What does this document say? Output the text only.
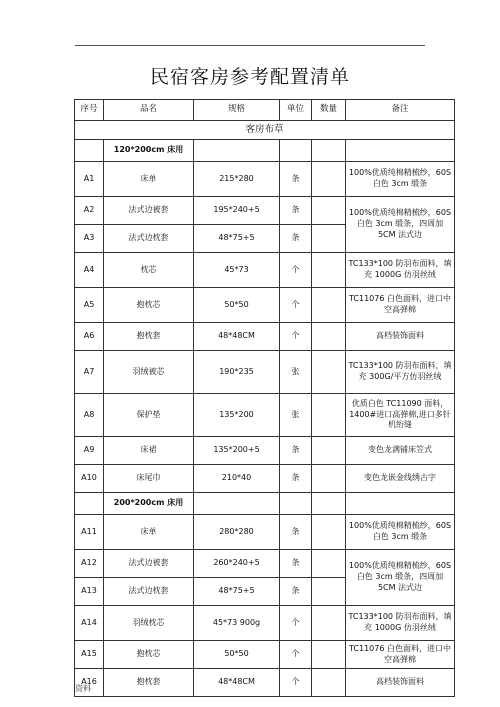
民宿客房参考配置清单
序号	品名	规格	单位	数量	备注
客房布草					
	120*200cm 床用				
A1	床单	215*280	条		100%优质纯棉精梳纱，60S 白色 3cm 缎条
A2	法式边被套	195*240+5	条		100%优质纯棉精梳纱，60S 白色 3cm 缎条，四周加 5CM 法式边
A3	法式边枕套	48*75+5	条		
A4	枕芯	45*73	个		TC133*100 防羽布面料，填充 1000G 仿羽丝绒
A5	抱枕芯	50*50	个		TC11076 白色面料，进口中空高弹棉
A6	抱枕套	48*48CM	个		高档装饰面料
A7	羽绒被芯	190*235	张		TC133*100 防羽布面料，填充 300G/平方仿羽丝绒
A8	保护垫	135*200	张		优质白色 TC11090 面料，1400#进口高弹棉,进口多针机绗缝
A9	床裙	135*200+5	条		变色龙满铺床笠式
A10	床尾巾	210*40	条		变色龙嵌金线绣古字
	200*200cm 床用				
A11	床单	280*280	条		100%优质纯棉精梳纱，60S 白色 3cm 缎条
A12	法式边被套	260*240+5	条		100%优质纯棉精梳纱，60S 白色 3cm 缎条，四周加 5CM 法式边
A13	法式边枕套	48*75+5	条		
A14	羽绒枕芯	45*73 900g	个		TC133*100 防羽布面料，填充 1000G 仿羽丝绒
A15	抱枕芯	50*50	个		TC11076 白色面料，进口中空高弹棉
A16	抱枕套	48*48CM	个		高档装饰面料
资料
